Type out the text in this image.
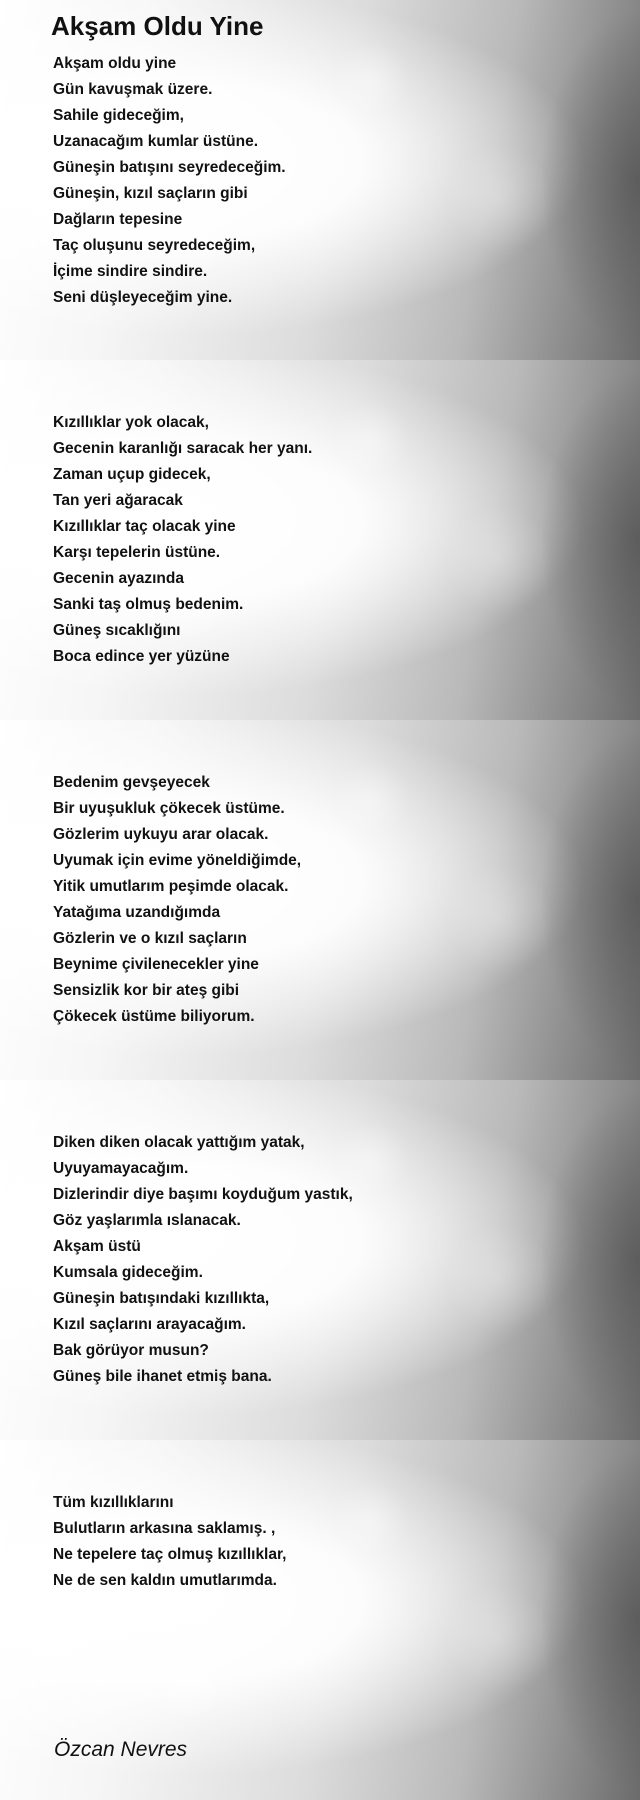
Akşam Oldu Yine
Akşam oldu yine
Gün kavuşmak üzere.
Sahile gideceğim,
Uzanacağım kumlar üstüne.
Güneşin batışını seyredeceğim.
Güneşin, kızıl saçların gibi
Dağların tepesine
Taç oluşunu seyredeceğim,
İçime sindire sindire.
Seni düşleyeceğim yine.
Kızıllıklar yok olacak,
Gecenin karanlığı saracak her yanı.
Zaman uçup gidecek,
Tan yeri ağaracak
Kızıllıklar taç olacak yine
Karşı tepelerin üstüne.
Gecenin ayazında
Sanki taş olmuş bedenim.
Güneş sıcaklığını
Boca edince yer yüzüne
Bedenim gevşeyecek
Bir uyuşukluk çökecek üstüme.
Gözlerim uykuyu arar olacak.
Uyumak için evime yöneldiğimde,
Yitik umutlarım peşimde olacak.
Yatağıma uzandığımda
Gözlerin ve o kızıl saçların
Beynime çivilenecekler yine
Sensizlik kor bir ateş gibi
Çökecek üstüme biliyorum.
Diken diken olacak yattığım yatak,
Uyuyamayacağım.
Dizlerindir diye başımı koyduğum yastık,
Göz yaşlarımla ıslanacak.
Akşam üstü
Kumsala gideceğim.
Güneşin batışındaki kızıllıkta,
Kızıl saçlarını arayacağım.
Bak görüyor musun?
Güneş bile ihanet etmiş bana.
Tüm kızıllıklarını
Bulutların arkasına saklamış. ,
Ne tepelere taç olmuş kızıllıklar,
Ne de sen kaldın umutlarımda.
Özcan Nevres
